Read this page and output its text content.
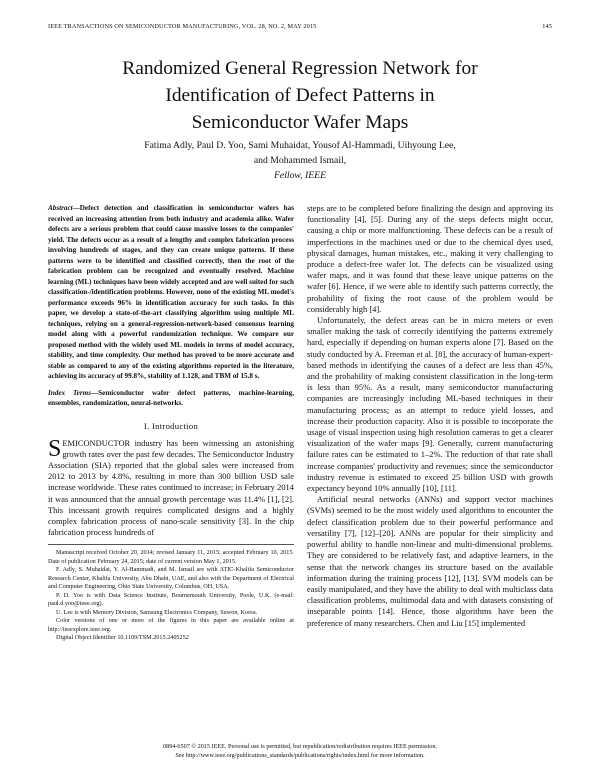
IEEE TRANSACTIONS ON SEMICONDUCTOR MANUFACTURING, VOL. 28, NO. 2, MAY 2015	145
Randomized General Regression Network for
Identification of Defect Patterns in
Semiconductor Wafer Maps
Fatima Adly, Paul D. Yoo, Sami Muhaidat, Yousof Al-Hammadi, Uihyoung Lee,
and Mohammed Ismail,
Fellow, IEEE

Abstract—Defect detection and classification in semiconductor wafers has received an increasing attention from both industry and academia alike. Wafer defects are a serious problem that could cause massive losses to the companies' yield. The defects occur as a result of a lengthy and complex fabrication process involving hundreds of stages, and they can create unique patterns. If these patterns were to be identified and classified correctly, then the root of the fabrication problem can be recognized and eventually resolved. Machine learning (ML) techniques have been widely accepted and are well suited for such classification-/identification problems. However, none of the existing ML model's performance exceeds 96% in identification accuracy for such tasks. In this paper, we develop a state-of-the-art classifying algorithm using multiple ML techniques, relying on a general-regression-network-based consensus learning model along with a powerful randomization technique. We compare our proposed method with the widely used ML models in terms of model accuracy, stability, and time complexity. Our method has proved to be more accurate and stable as compared to any of the existing algorithms reported in the literature, achieving its accuracy of 99.8%, stability of 1.128, and TBM of 15.8 s.

Index Terms—Semiconductor wafer defect patterns, machine-learning, ensembles, randomization, neural-networks.

I. Introduction

SEMICONDUCTOR industry has been witnessing an astonishing growth rates over the past few decades. The Semiconductor Industry Association (SIA) reported that the global sales were increased from 2012 to 2013 by 4.8%, resulting in more than 300 billion USD sale increase worldwide. These rates continued to increase; in February 2014 it was announced that the annual growth percentage was 11.4% [1], [2]. This incessant growth requires complicated designs and a highly complex fabrication process of nano-scale sensitivity [3]. In the chip fabrication process hundreds of

Manuscript received October 20, 2014; revised January 11, 2015; accepted February 10, 2015. Date of publication February 24, 2015; date of current version May 1, 2015.

F. Adly, S. Muhaidat, Y. Al-Hammadi, and M. Ismail are with ATIC-Khalifa Semiconductor Research Center, Khalifa University, Abu Dhabi, UAE, and also with the Department of Electrical and Computer Engineering, Ohio State University, Columbus, OH, USA.

P. D. Yoo is with Data Science Institute, Bournemouth University, Poole, U.K. (e-mail: paul.d.yoo@ieee.org).

U. Lee is with Memory Division, Samsung Electronics Company, Suwon, Korea.

Color versions of one or more of the figures in this paper are available online at http://ieeexplore.ieee.org.

Digital Object Identifier 10.1109/TSM.2015.2405252

steps are to be completed before finalizing the design and approving its functionality [4], [5]. During any of the steps defects might occur, causing a chip or more malfunctioning. These defects can be a result of imperfections in the machines used or due to the chemical dyes used, physical damages, human mistakes, etc., making it very challenging to produce a defect-free wafer lot. The defects can be visualized using wafer maps, and it was found that these leave unique patterns on the wafer [6]. Hence, if we were able to identify such patterns correctly, the probability of fixing the root cause of the problem would be considerably high [4].

Unfortunately, the defect areas can be in micro meters or even smaller making the task of correctly identifying the patterns extremely hard, especially if depending on human experts alone [7]. Based on the study conducted by A. Freeman et al. [8], the accuracy of human-expert-based methods in identifying the causes of a defect are less than 45%, and the probability of making consistent classification in the long-term is less than 95%. As a result, many semiconductor manufacturing companies are increasingly including ML-based techniques in their manufacturing process; as an attempt to reduce yield losses, and increase their production capacity. Also it is possible to incorporate the usage of visual inspection using high resolution cameras to get a clearer visualization of the wafer maps [9]. Generally, current manufacturing failure rates can be estimated to 1–2%. The reduction of that rate shall increase companies' productivity and revenues; since the semiconductor industry revenue is estimated to exceed 25 billion USD with growth expectancy beyond 10% annually [10], [11].

Artificial neural networks (ANNs) and support vector machines (SVMs) seemed to be the most widely used algorithms to encounter the defect classification problem due to their powerful performance and versatility [7], [12]–[20]. ANNs are popular for their simplicity and powerful ability to handle non-linear and multi-dimensional problems. They are considered to be relatively fast, and adaptive learners, in the sense that the network changes its structure based on the available information during the training process [12], [13]. SVM models can be easily manipulated, and they have the ability to deal with multiclass data classification problems, multimodal data and with datasets consisting of inseparable points [14]. Hence, those algorithms have been the preference of many researchers. Chen and Liu [15] implemented

0894-6507 © 2015 IEEE. Personal use is permitted, but republication/redistribution requires IEEE permission.
See http://www.ieee.org/publications_standards/publications/rights/index.html for more information.
